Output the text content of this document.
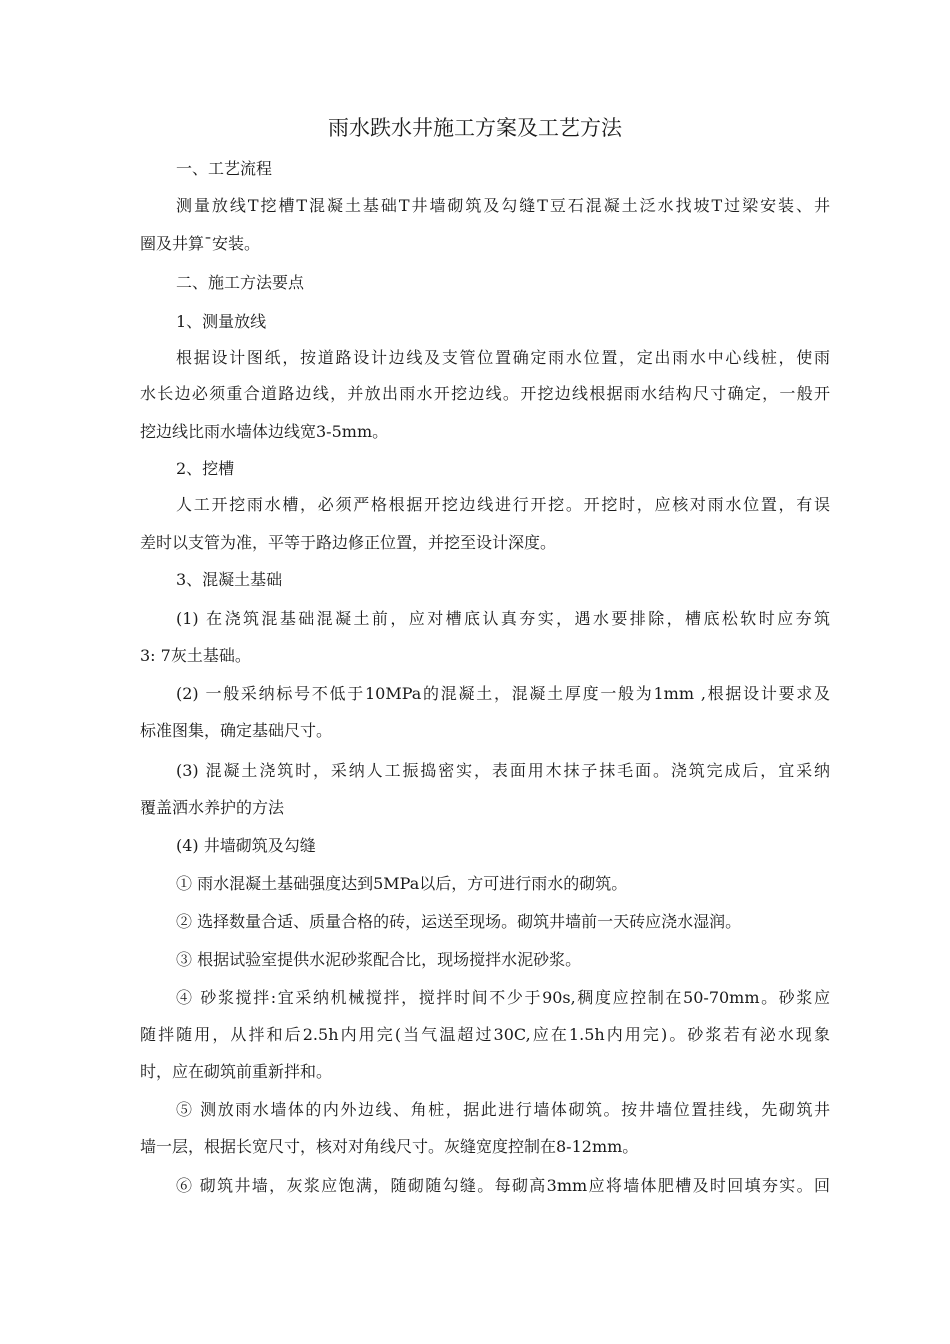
雨水跌水井施工方案及工艺方法

一、工艺流程

测量放线T挖槽T混凝土基础T井墙砌筑及勾缝T豆石混凝土泛水找坡T过梁安装、井

圈及井算ˉ安装。

二、施工方法要点

1、测量放线

根据设计图纸，按道路设计边线及支管位置确定雨水位置，定出雨水中心线桩，使雨

水长边必须重合道路边线，并放出雨水开挖边线。开挖边线根据雨水结构尺寸确定，一般开

挖边线比雨水墙体边线宽3-5mm。

2、挖槽

人工开挖雨水槽，必须严格根据开挖边线进行开挖。开挖时，应核对雨水位置，有误

差时以支管为准，平等于路边修正位置，并挖至设计深度。

3、混凝土基础

(1) 在浇筑混基础混凝土前，应对槽底认真夯实，遇水要排除，槽底松软时应夯筑

3: 7灰土基础。

(2) 一般采纳标号不低于10MPa的混凝土，混凝土厚度一般为1mm ,根据设计要求及

标准图集，确定基础尺寸。

(3) 混凝土浇筑时，采纳人工振捣密实，表面用木抹子抹毛面。浇筑完成后，宜采纳

覆盖洒水养护的方法

(4) 井墙砌筑及勾缝

① 雨水混凝土基础强度达到5MPa以后，方可进行雨水的砌筑。

② 选择数量合适、质量合格的砖，运送至现场。砌筑井墙前一天砖应浇水湿润。

③ 根据试验室提供水泥砂浆配合比，现场搅拌水泥砂浆。

④ 砂浆搅拌:宜采纳机械搅拌，搅拌时间不少于90s,稠度应控制在50-70mm。砂浆应

随拌随用，从拌和后2.5h内用完(当气温超过30C,应在1.5h内用完)。砂浆若有泌水现象

时，应在砌筑前重新拌和。

⑤ 测放雨水墙体的内外边线、角桩，据此进行墙体砌筑。按井墙位置挂线，先砌筑井

墙一层，根据长宽尺寸，核对对角线尺寸。灰缝宽度控制在8-12mm。

⑥ 砌筑井墙，灰浆应饱满，随砌随勾缝。每砌高3mm应将墙体肥槽及时回填夯实。回
